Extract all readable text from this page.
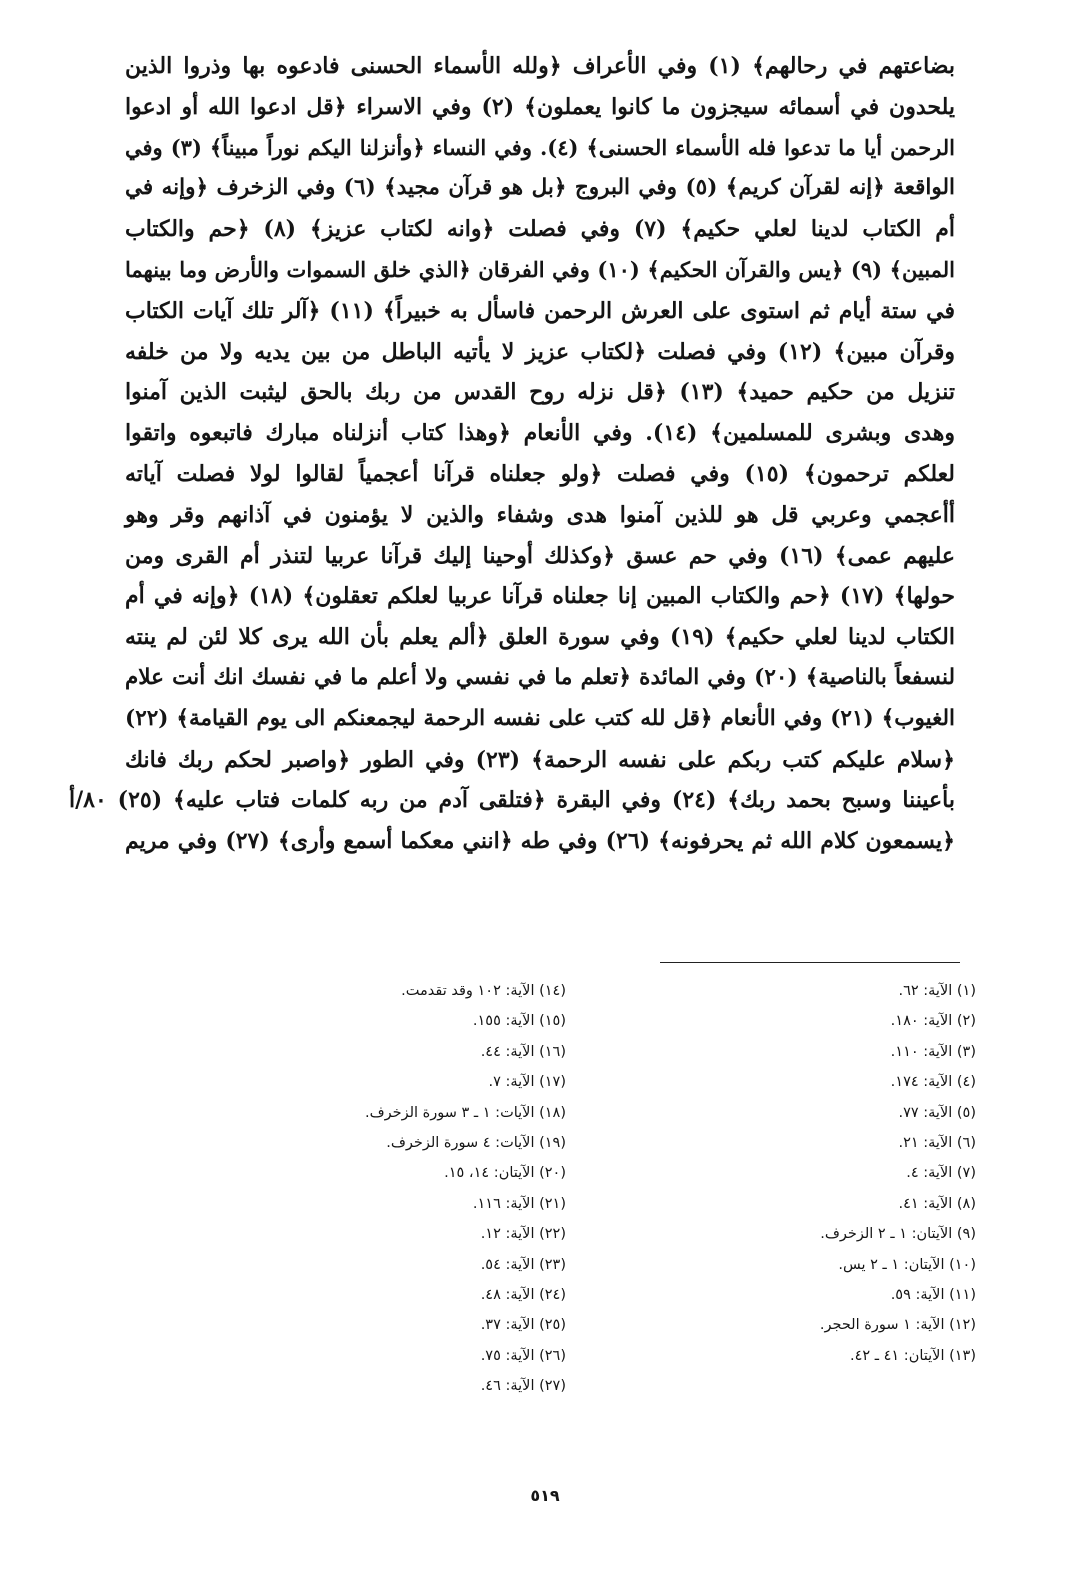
بضاعتهم في رحالهم﴾ (١) وفي الأعراف ﴿ولله الأسماء الحسنى فادعوه بها وذروا الذين
يلحدون في أسمائه سيجزون ما كانوا يعملون﴾ (٢) وفي الاسراء ﴿قل ادعوا الله أو ادعوا
الرحمن أيا ما تدعوا فله الأسماء الحسنى﴾ (٤). وفي النساء ﴿وأنزلنا اليكم نوراً مبيناً﴾ (٣) وفي
الواقعة ﴿إنه لقرآن كريم﴾ (٥) وفي البروج ﴿بل هو قرآن مجيد﴾ (٦) وفي الزخرف ﴿وإنه في
أم الكتاب لدينا لعلي حكيم﴾ (٧) وفي فصلت ﴿وانه لكتاب عزيز﴾ (٨) ﴿حم والكتاب
المبين﴾ (٩) ﴿يس والقرآن الحكيم﴾ (١٠) وفي الفرقان ﴿الذي خلق السموات والأرض وما بينهما
في ستة أيام ثم استوى على العرش الرحمن فاسأل به خبيراً﴾ (١١) ﴿آلر تلك آيات الكتاب
وقرآن مبين﴾ (١٢) وفي فصلت ﴿لكتاب عزيز لا يأتيه الباطل من بين يديه ولا من خلفه
تنزيل من حكيم حميد﴾ (١٣) ﴿قل نزله روح القدس من ربك بالحق ليثبت الذين آمنوا
وهدى وبشرى للمسلمين﴾ (١٤). وفي الأنعام ﴿وهذا كتاب أنزلناه مبارك فاتبعوه واتقوا
لعلكم ترحمون﴾ (١٥) وفي فصلت ﴿ولو جعلناه قرآنا أعجمياً لقالوا لولا فصلت آياته
أأعجمي وعربي قل هو للذين آمنوا هدى وشفاء والذين لا يؤمنون في آذانهم وقر وهو
عليهم عمى﴾ (١٦) وفي حم عسق ﴿وكذلك أوحينا إليك قرآنا عربيا لتنذر أم القرى ومن
حولها﴾ (١٧) ﴿حم والكتاب المبين إنا جعلناه قرآنا عربيا لعلكم تعقلون﴾ (١٨) ﴿وإنه في أم
الكتاب لدينا لعلي حكيم﴾ (١٩) وفي سورة العلق ﴿ألم يعلم بأن الله يرى كلا لئن لم ينته
لنسفعاً بالناصية﴾ (٢٠) وفي المائدة ﴿تعلم ما في نفسي ولا أعلم ما في نفسك انك أنت علام
الغيوب﴾ (٢١) وفي الأنعام ﴿قل لله كتب على نفسه الرحمة ليجمعنكم الى يوم القيامة﴾ (٢٢)
﴿سلام عليكم كتب ربكم على نفسه الرحمة﴾ (٢٣) وفي الطور ﴿واصبر لحكم ربك فانك
بأعيننا وسبح بحمد ربك﴾ (٢٤) وفي البقرة ﴿فتلقى آدم من ربه كلمات فتاب عليه﴾ (٢٥) ٨٠/أ
﴿يسمعون كلام الله ثم يحرفونه﴾ (٢٦) وفي طه ﴿انني معكما أسمع وأرى﴾ (٢٧) وفي مريم
(١) الآية: ٦٢.
(٢) الآية: ١٨٠.
(٣) الآية: ١١٠.
(٤) الآية: ١٧٤.
(٥) الآية: ٧٧.
(٦) الآية: ٢١.
(٧) الآية: ٤.
(٨) الآية: ٤١.
(٩) الآيتان: ١ ـ ٢ الزخرف.
(١٠) الآيتان: ١ ـ ٢ يس.
(١١) الآية: ٥٩.
(١٢) الآية: ١ سورة الحجر.
(١٣) الآيتان: ٤١ ـ ٤٢.
(١٤) الآية: ١٠٢ وقد تقدمت.
(١٥) الآية: ١٥٥.
(١٦) الآية: ٤٤.
(١٧) الآية: ٧.
(١٨) الآيات: ١ ـ ٣ سورة الزخرف.
(١٩) الآيات: ٤ سورة الزخرف.
(٢٠) الآيتان: ١٤، ١٥.
(٢١) الآية: ١١٦.
(٢٢) الآية: ١٢.
(٢٣) الآية: ٥٤.
(٢٤) الآية: ٤٨.
(٢٥) الآية: ٣٧.
(٢٦) الآية: ٧٥.
(٢٧) الآية: ٤٦.
٥١٩
